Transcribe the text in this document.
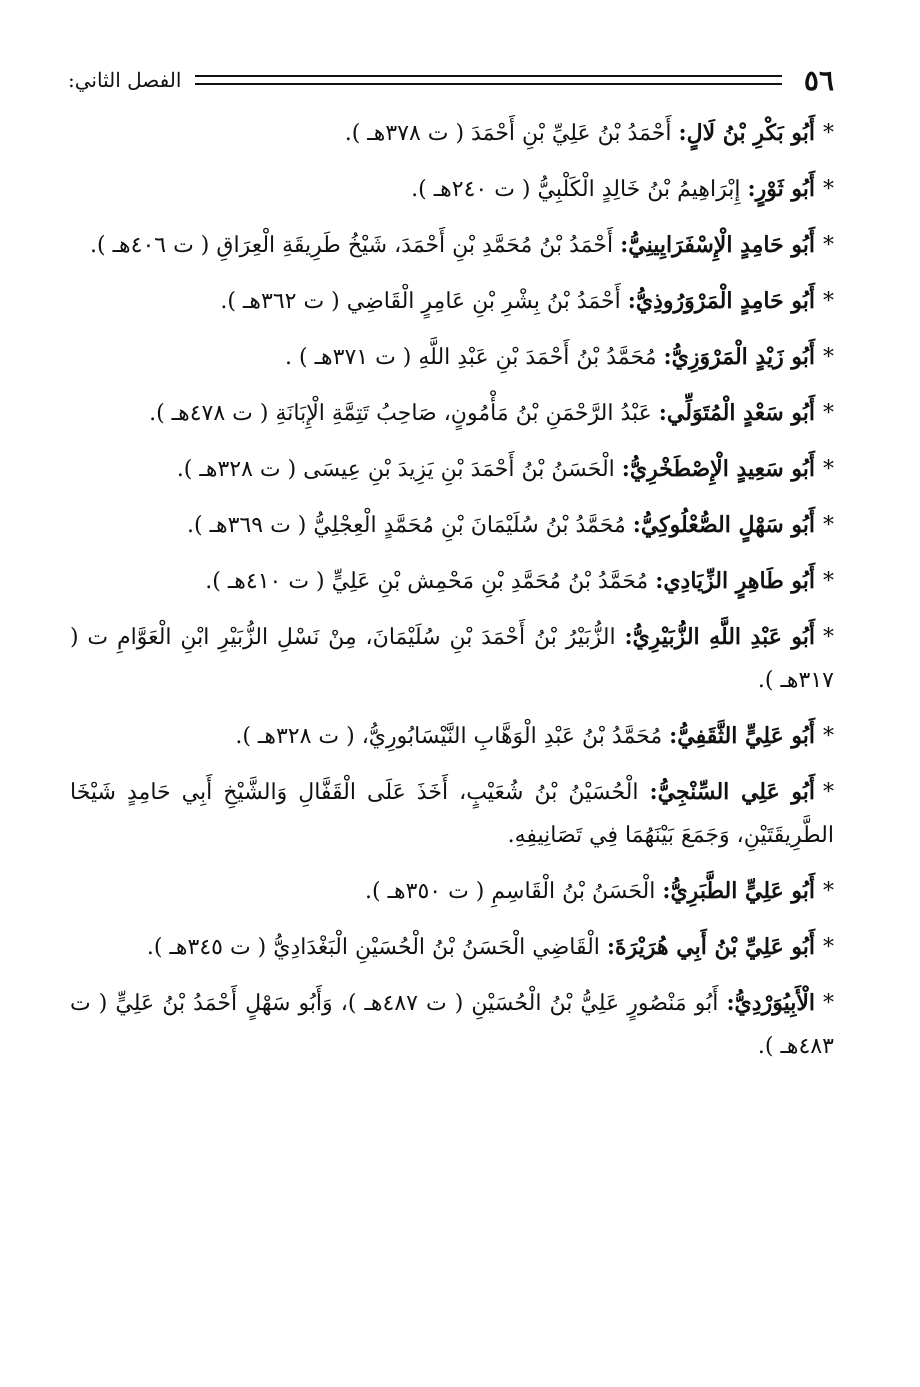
٥٦
الفصل الثاني:

*أَبُو بَكْرِ بْنُ لَالٍ: أَحْمَدُ بْنُ عَلِيِّ بْنِ أَحْمَدَ ( ت ٣٧٨هـ ).

*أَبُو ثَوْرٍ: إِبْرَاهِيمُ بْنُ خَالِدٍ الْكَلْبِيُّ ( ت ٢٤٠هـ ).

*أَبُو حَامِدٍ الْإِسْفَرَايِينِيُّ: أَحْمَدُ بْنُ مُحَمَّدِ بْنِ أَحْمَدَ، شَيْخُ طَرِيقَةِ الْعِرَاقِ ( ت ٤٠٦هـ ).

*أَبُو حَامِدٍ الْمَرْوَرُوذِيُّ: أَحْمَدُ بْنُ بِشْرِ بْنِ عَامِرٍ الْقَاضِي ( ت ٣٦٢هـ ).

*أَبُو زَيْدٍ الْمَرْوَزِيُّ: مُحَمَّدُ بْنُ أَحْمَدَ بْنِ عَبْدِ اللَّهِ ( ت ٣٧١هـ ) .

*أَبُو سَعْدٍ الْمُتَوَلِّي: عَبْدُ الرَّحْمَنِ بْنُ مَأْمُونٍ، صَاحِبُ تَتِمَّةِ الْإِبَانَةِ ( ت ٤٧٨هـ ).

*أَبُو سَعِيدٍ الْإِصْطَخْرِيُّ: الْحَسَنُ بْنُ أَحْمَدَ بْنِ يَزِيدَ بْنِ عِيسَى ( ت ٣٢٨هـ ).

*أَبُو سَهْلٍ الصُّعْلُوكِيُّ: مُحَمَّدُ بْنُ سُلَيْمَانَ بْنِ مُحَمَّدٍ الْعِجْلِيُّ ( ت ٣٦٩هـ ).

*أَبُو طَاهِرٍ الزِّيَادِي: مُحَمَّدُ بْنُ مُحَمَّدِ بْنِ مَحْمِش بْنِ عَلِيٍّ ( ت ٤١٠هـ ).

*أَبُو عَبْدِ اللَّهِ الزُّبَيْرِيُّ: الزُّبَيْرُ بْنُ أَحْمَدَ بْنِ سُلَيْمَانَ، مِنْ نَسْلِ الزُّبَيْرِ ابْنِ الْعَوَّامِ ت ( ٣١٧هـ ).

*أَبُو عَلِيٍّ الثَّقَفِيُّ: مُحَمَّدُ بْنُ عَبْدِ الْوَهَّابِ النَّيْسَابُورِيُّ، ( ت ٣٢٨هـ ).

*أَبُو عَلِي السِّنْجِيُّ: الْحُسَيْنُ بْنُ شُعَيْبٍ، أَخَذَ عَلَى الْقَفَّالِ وَالشَّيْخِ أَبِي حَامِدٍ شَيْخَا الطَّرِيقَتَيْنِ، وَجَمَعَ بَيْنَهُمَا فِي تَصَانِيفِهِ.

*أَبُو عَلِيٍّ الطَّبَرِيُّ: الْحَسَنُ بْنُ الْقَاسِمِ ( ت ٣٥٠هـ ).

*أَبُو عَلِيِّ بْنُ أَبِي هُرَيْرَةَ: الْقَاضِي الْحَسَنُ بْنُ الْحُسَيْنِ الْبَغْدَادِيُّ ( ت ٣٤٥هـ ).

*الْأَبِيُوَرْدِيُّ: أَبُو مَنْصُورٍ عَلِيُّ بْنُ الْحُسَيْنِ ( ت ٤٨٧هـ )، وَأَبُو سَهْلٍ أَحْمَدُ بْنُ عَلِيٍّ ( ت ٤٨٣هـ ).
